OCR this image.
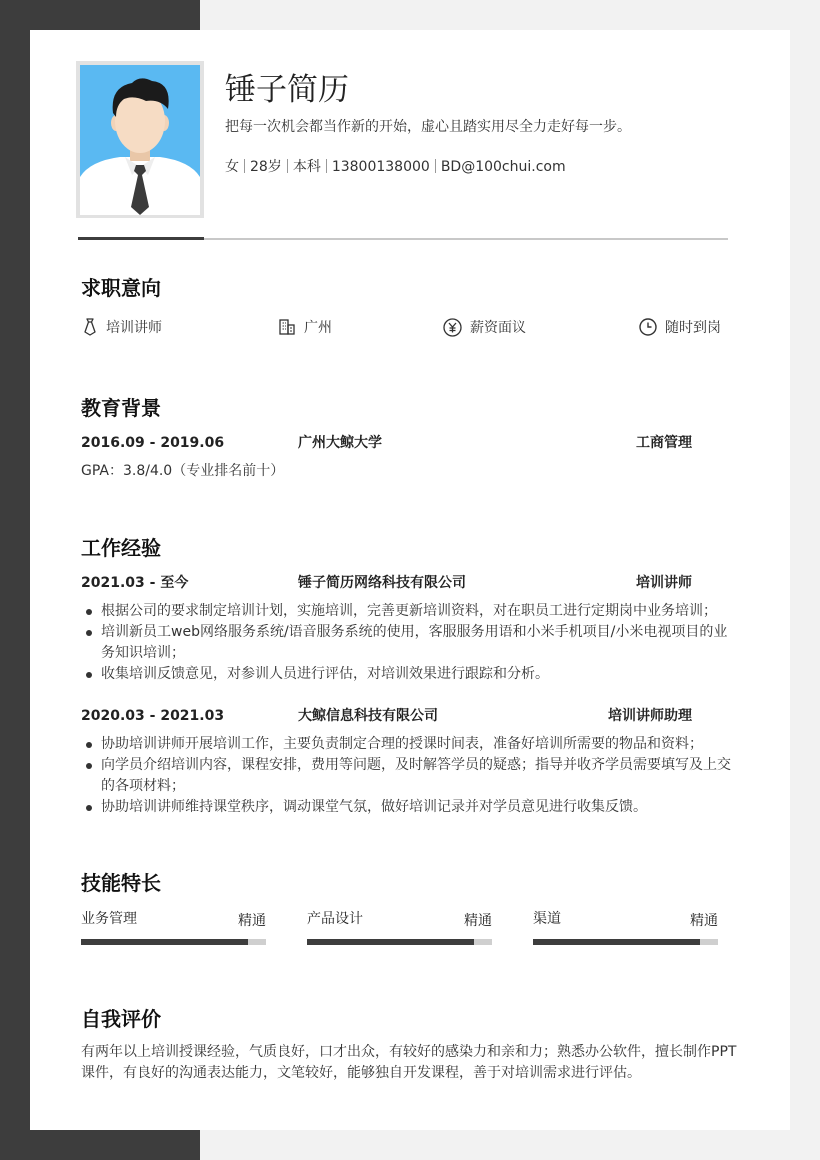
锤子简历
把每一次机会都当作新的开始，虚心且踏实用尽全力走好每一步。
女 28岁 本科 13800138000 BD@100chui.com
求职意向
培训讲师	广州	薪资面议	随时到岗
教育背景
2016.09 - 2019.06	广州大鲸大学	工商管理
GPA：3.8/4.0（专业排名前十）
工作经验
2021.03 - 至今	锤子简历网络科技有限公司	培训讲师
根据公司的要求制定培训计划，实施培训，完善更新培训资料，对在职员工进行定期岗中业务培训；
培训新员工web网络服务系统/语音服务系统的使用，客服服务用语和小米手机项目/小米电视项目的业务知识培训；
收集培训反馈意见，对参训人员进行评估，对培训效果进行跟踪和分析。
2020.03 - 2021.03	大鲸信息科技有限公司	培训讲师助理
协助培训讲师开展培训工作，主要负责制定合理的授课时间表，准备好培训所需要的物品和资料；
向学员介绍培训内容，课程安排，费用等问题，及时解答学员的疑惑；指导并收齐学员需要填写及上交的各项材料；
协助培训讲师维持课堂秩序，调动课堂气氛，做好培训记录并对学员意见进行收集反馈。
技能特长
业务管理	精通	产品设计	精通	渠道	精通
自我评价
有两年以上培训授课经验，气质良好，口才出众，有较好的感染力和亲和力；熟悉办公软件，擅长制作PPT课件，有良好的沟通表达能力，文笔较好，能够独自开发课程，善于对培训需求进行评估。
